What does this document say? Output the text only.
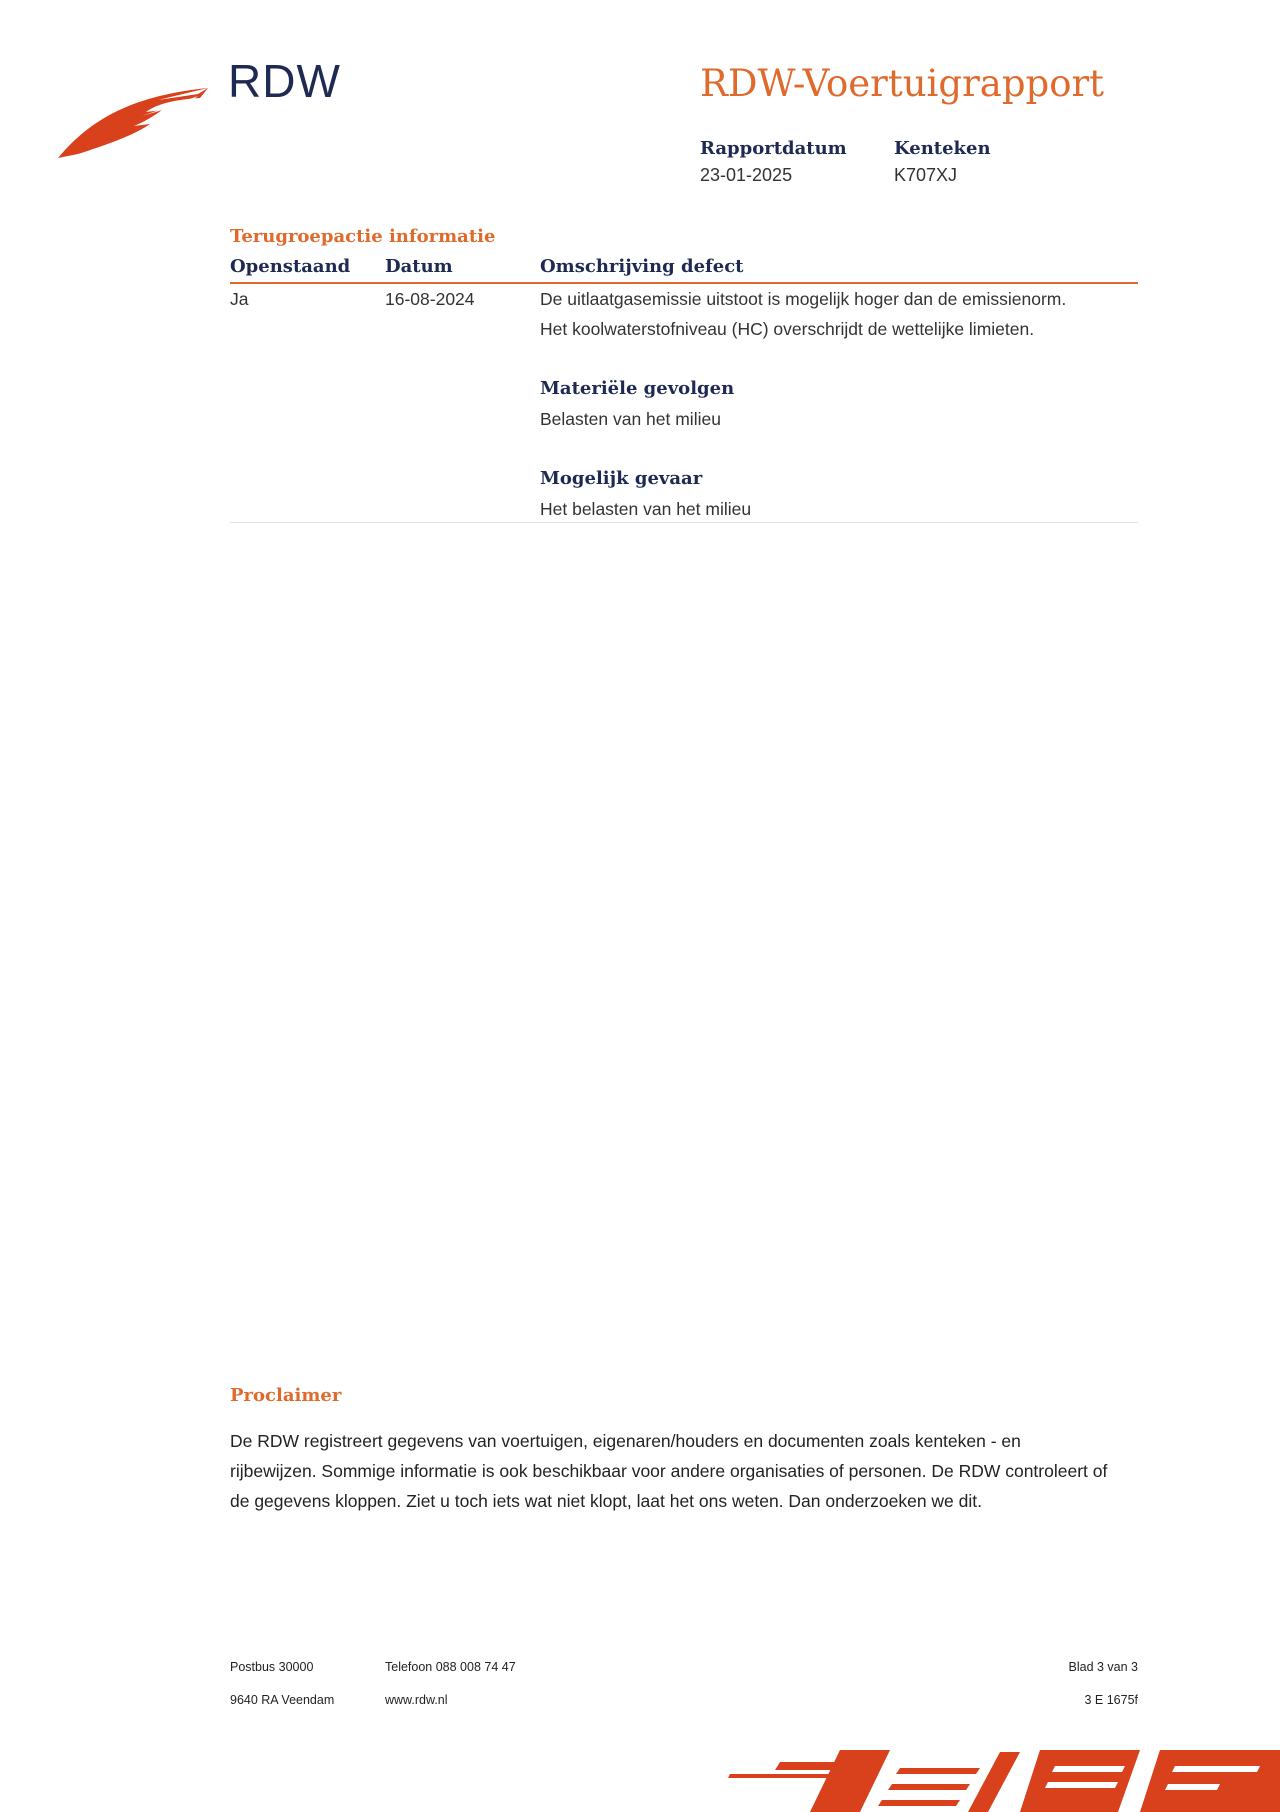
RDW	RDW-Voertuigrapport
Rapportdatum
23-01-2025
Kenteken
K707XJ
Terugroepactie informatie
Openstaand Datum	Omschrijving defect
Ja	16-08-2024	De uitlaatgasemissie uitstoot is mogelijk hoger dan de emissienorm.
Het koolwaterstofniveau (HC) overschrijdt de wettelijke limieten.
Materiële gevolgen
Belasten van het milieu
Mogelijk gevaar
Het belasten van het milieu
Proclaimer
De RDW registreert gegevens van voertuigen, eigenaren/houders en documenten zoals kenteken - en rijbewijzen. Sommige informatie is ook beschikbaar voor andere organisaties of personen. De RDW controleert of de gegevens kloppen. Ziet u toch iets wat niet klopt, laat het ons weten. Dan onderzoeken we dit.
Postbus 30000
9640 RA Veendam
Telefoon 088 008 74 47
www.rdw.nl
Blad 3 van 3
3 E 1675f
